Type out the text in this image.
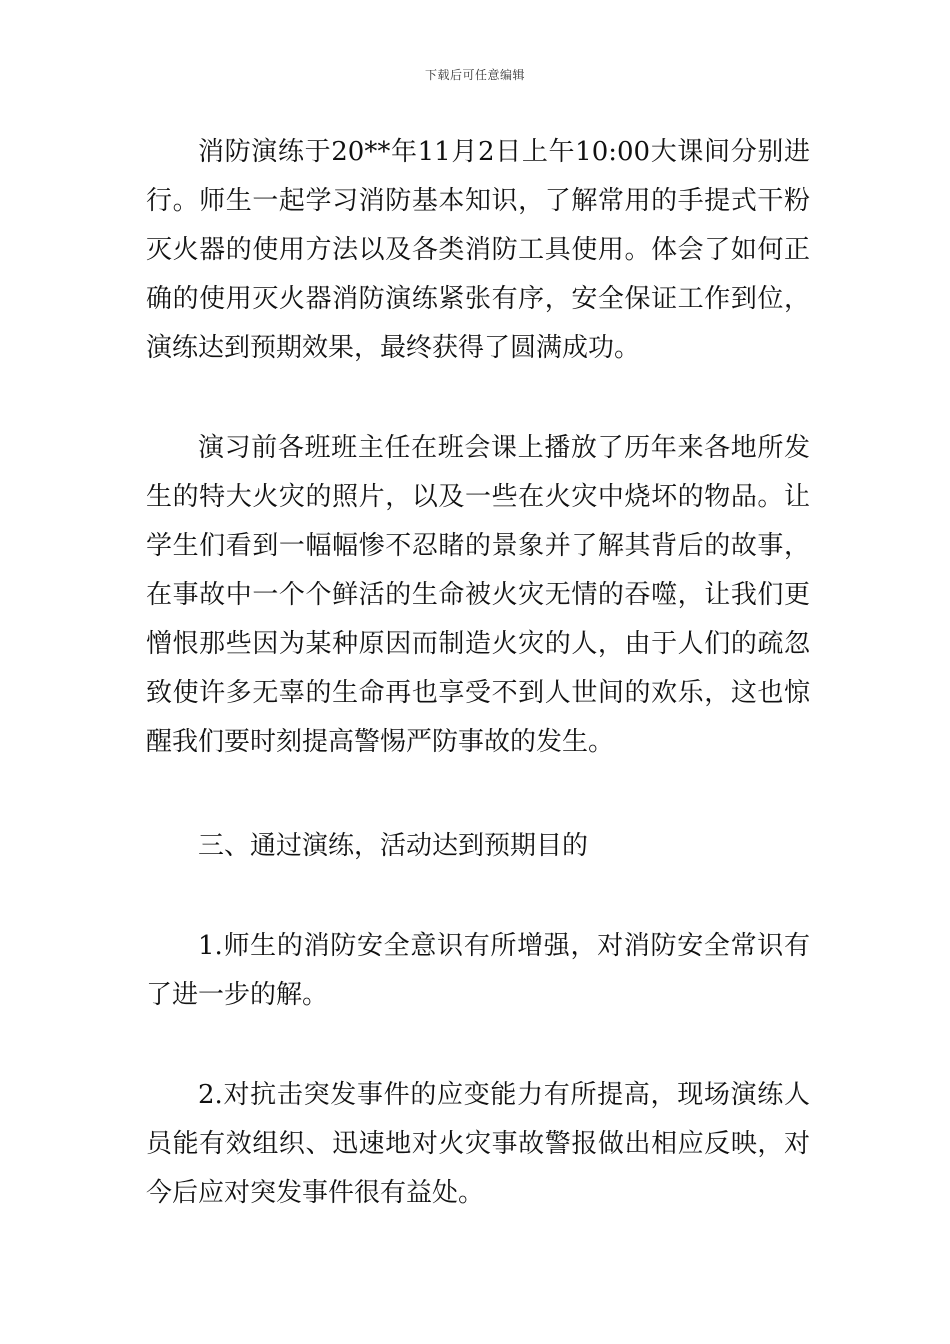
下载后可任意编辑

消防演练于20**年11月2日上午10:00大课间分别进行。师生一起学习消防基本知识，了解常用的手提式干粉灭火器的使用方法以及各类消防工具使用。体会了如何正确的使用灭火器消防演练紧张有序，安全保证工作到位，演练达到预期效果，最终获得了圆满成功。

演习前各班班主任在班会课上播放了历年来各地所发生的特大火灾的照片，以及一些在火灾中烧坏的物品。让学生们看到一幅幅惨不忍睹的景象并了解其背后的故事，在事故中一个个鲜活的生命被火灾无情的吞噬，让我们更憎恨那些因为某种原因而制造火灾的人，由于人们的疏忽致使许多无辜的生命再也享受不到人世间的欢乐，这也惊醒我们要时刻提高警惕严防事故的发生。

三、通过演练，活动达到预期目的

1.师生的消防安全意识有所增强，对消防安全常识有了进一步的解。

2.对抗击突发事件的应变能力有所提高，现场演练人员能有效组织、迅速地对火灾事故警报做出相应反映，对今后应对突发事件很有益处。
